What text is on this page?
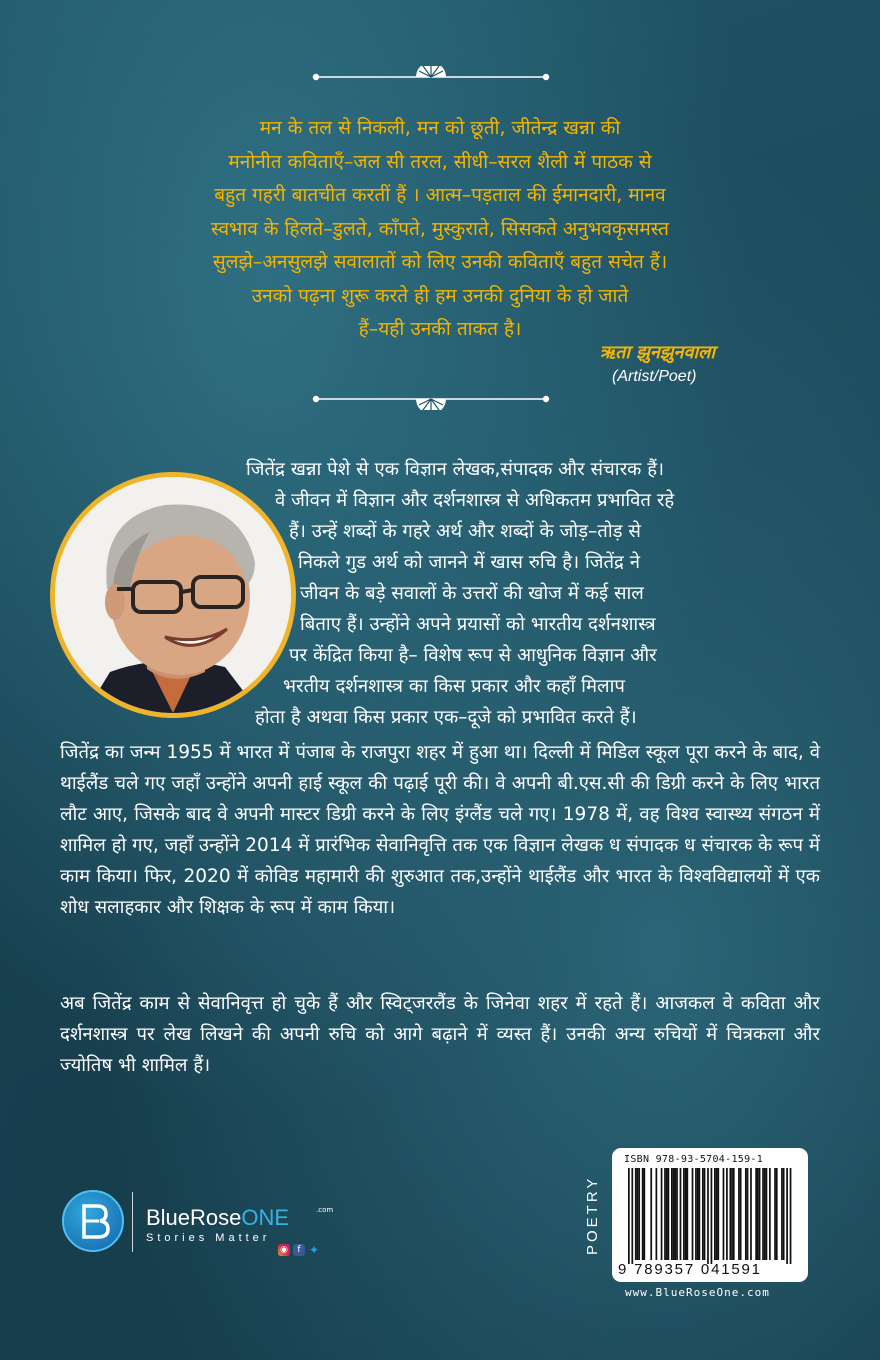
मन के तल से निकली, मन को छूती, जीतेन्द्र खन्ना की

मनोनीत कविताएँ–जल सी तरल, सीधी–सरल शैली में पाठक से

बहुत गहरी बातचीत करतीं हैं । आत्म–पड़ताल की ईमानदारी, मानव

स्वभाव के हिलते–डुलते, काँपते, मुस्कुराते, सिसकते अनुभवकृसमस्त

सुलझे–अनसुलझे सवालातों को लिए उनकी कविताएँ बहुत सचेत हैं।

उनको पढ़ना शुरू करते ही हम उनकी दुनिया के हो जाते

हैं–यही उनकी ताकत है।

ऋता झुनझुनवाला
(Artist/Poet)
जितेंद्र खन्ना पेशे से एक विज्ञान लेखक,संपादक और संचारक हैं।
वे जीवन में विज्ञान और दर्शनशास्त्र से अधिकतम प्रभावित रहे
हैं। उन्हें शब्दों के गहरे अर्थ और शब्दों के जोड़–तोड़ से
निकले गुड अर्थ को जानने में खास रुचि है। जितेंद्र ने
जीवन के बड़े सवालों के उत्तरों की खोज में कई साल
बिताए हैं। उन्होंने अपने प्रयासों को भारतीय दर्शनशास्त्र
पर केंद्रित किया है– विशेष रूप से आधुनिक विज्ञान और
भरतीय दर्शनशास्त्र का किस प्रकार और कहाँ मिलाप
होता है अथवा किस प्रकार एक–दूजे को प्रभावित करते हैं।

जितेंद्र का जन्म 1955 में भारत में पंजाब के राजपुरा शहर में हुआ था। दिल्ली में मिडिल स्कूल पूरा करने के बाद, वे थाईलैंड चले गए जहाँ उन्होंने अपनी हाई स्कूल की पढ़ाई पूरी की। वे अपनी बी.एस.सी की डिग्री करने के लिए भारत लौट आए, जिसके बाद वे अपनी मास्टर डिग्री करने के लिए इंग्लैंड चले गए। 1978 में, वह विश्व स्वास्थ्य संगठन में शामिल हो गए, जहाँ उन्होंने 2014 में प्रारंभिक सेवानिवृत्ति तक एक विज्ञान लेखक ध संपादक ध संचारक के रूप में काम किया। फिर, 2020 में कोविड महामारी की शुरुआत तक,उन्होंने थाईलैंड और भारत के विश्वविद्यालयों में एक शोध सलाहकार और शिक्षक के रूप में काम किया।

अब जितेंद्र काम से सेवानिवृत्त हो चुके हैं और स्विट्जरलैंड के जिनेवा शहर में रहते हैं। आजकल वे कविता और दर्शनशास्त्र पर लेख लिखने की अपनी रुचि को आगे बढ़ाने में व्यस्त हैं। उनकी अन्य रुचियों में चित्रकला और ज्योतिष भी शामिल हैं।

BlueRoseONE	.com
Stories Matter
◉	f ✦	POETRY
ISBN 978-93-5704-159-1
9 789357 041591
www.BlueRoseOne.com
